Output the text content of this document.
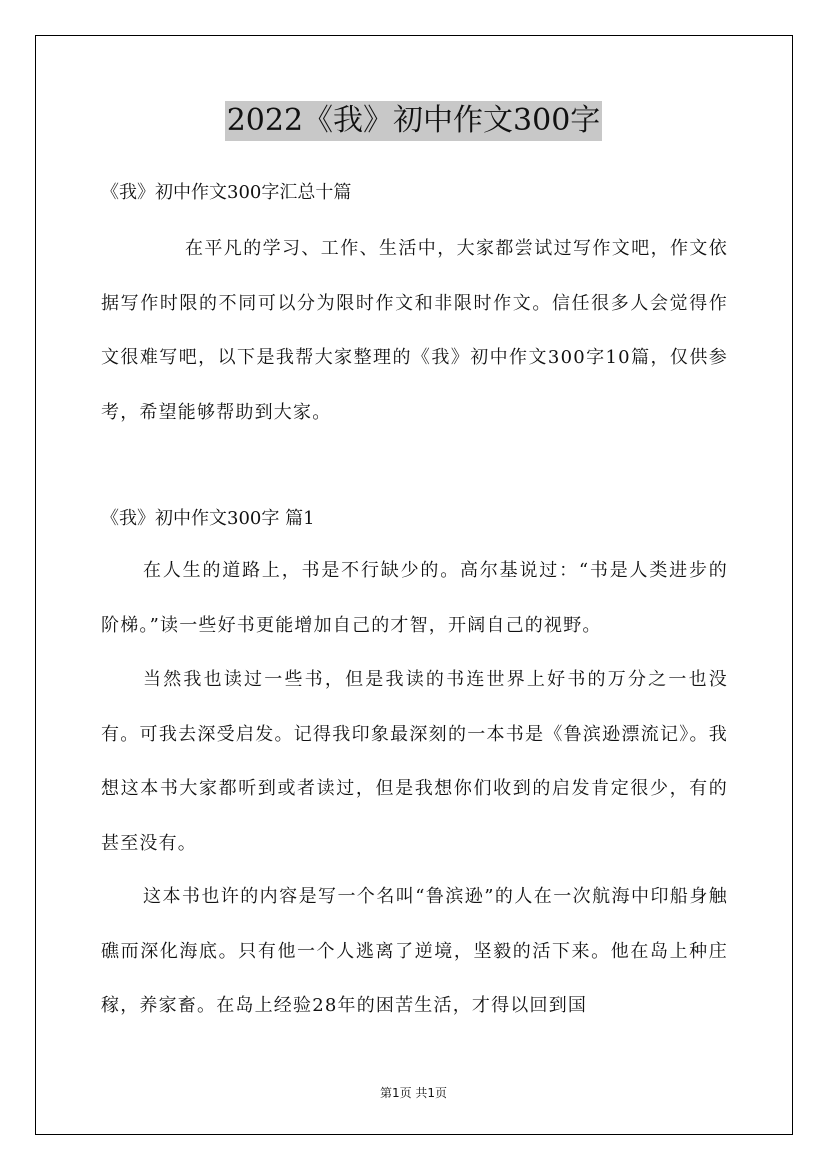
2022《我》初中作文300字
《我》初中作文300字汇总十篇
在平凡的学习、工作、生活中，大家都尝试过写作文吧，作文依据写作时限的不同可以分为限时作文和非限时作文。信任很多人会觉得作文很难写吧，以下是我帮大家整理的《我》初中作文300字10篇，仅供参考，希望能够帮助到大家。
《我》初中作文300字 篇1
在人生的道路上，书是不行缺少的。高尔基说过：“书是人类进步的阶梯。”读一些好书更能增加自己的才智，开阔自己的视野。
当然我也读过一些书，但是我读的书连世界上好书的万分之一也没有。可我去深受启发。记得我印象最深刻的一本书是《鲁滨逊漂流记》。我想这本书大家都听到或者读过，但是我想你们收到的启发肯定很少，有的甚至没有。
这本书也许的内容是写一个名叫“鲁滨逊”的人在一次航海中印船身触礁而深化海底。只有他一个人逃离了逆境，坚毅的活下来。他在岛上种庄稼，养家畜。在岛上经验28年的困苦生活，才得以回到国
第1页 共1页
